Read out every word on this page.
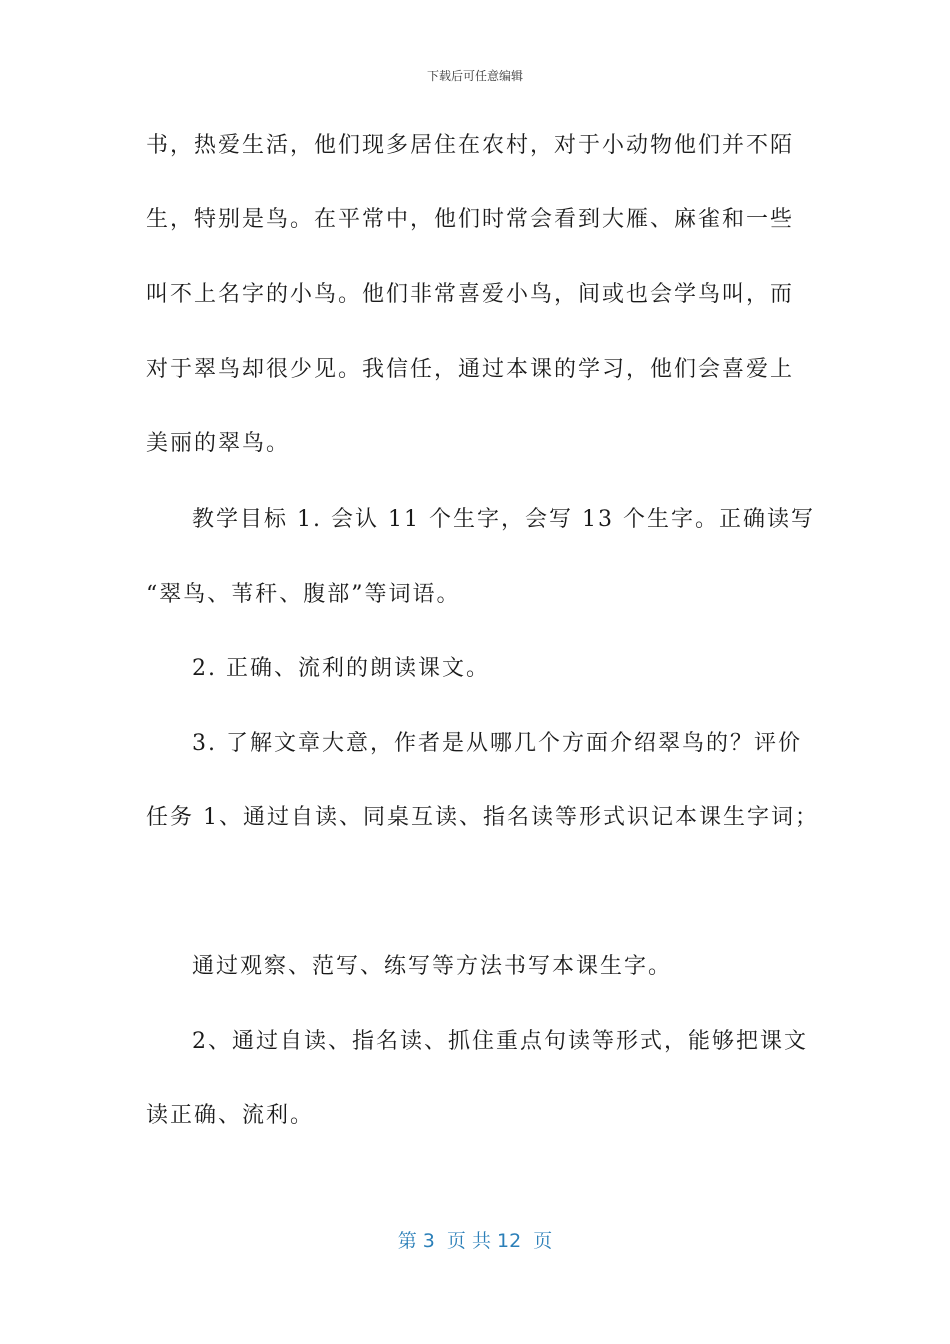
下载后可任意编辑
书，热爱生活，他们现多居住在农村，对于小动物他们并不陌
生，特别是鸟。在平常中，他们时常会看到大雁、麻雀和一些
叫不上名字的小鸟。他们非常喜爱小鸟，间或也会学鸟叫，而
对于翠鸟却很少见。我信任，通过本课的学习，他们会喜爱上
美丽的翠鸟。
教学目标 1. 会认 11 个生字，会写 13 个生字。正确读写
“翠鸟、苇秆、腹部”等词语。
2. 正确、流利的朗读课文。
3. 了解文章大意，作者是从哪几个方面介绍翠鸟的？评价
任务 1、通过自读、同桌互读、指名读等形式识记本课生字词；
通过观察、范写、练写等方法书写本课生字。
2、通过自读、指名读、抓住重点句读等形式，能够把课文
读正确、流利。
第 3  页 共 12  页
